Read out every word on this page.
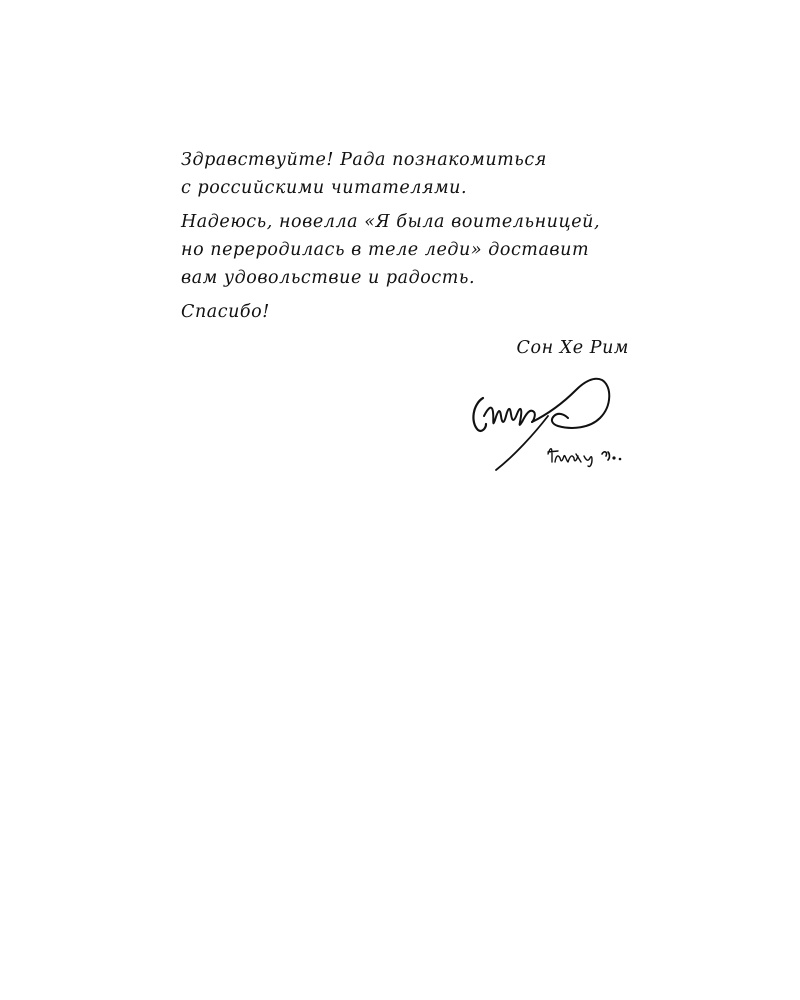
Здравствуйте! Рада познакомиться
с российскими читателями.

Надеюсь, новелла «Я была воительницей,
но переродилась в теле леди» доставит
вам удовольствие и радость.

Спасибо!

Сон Хе Рим
